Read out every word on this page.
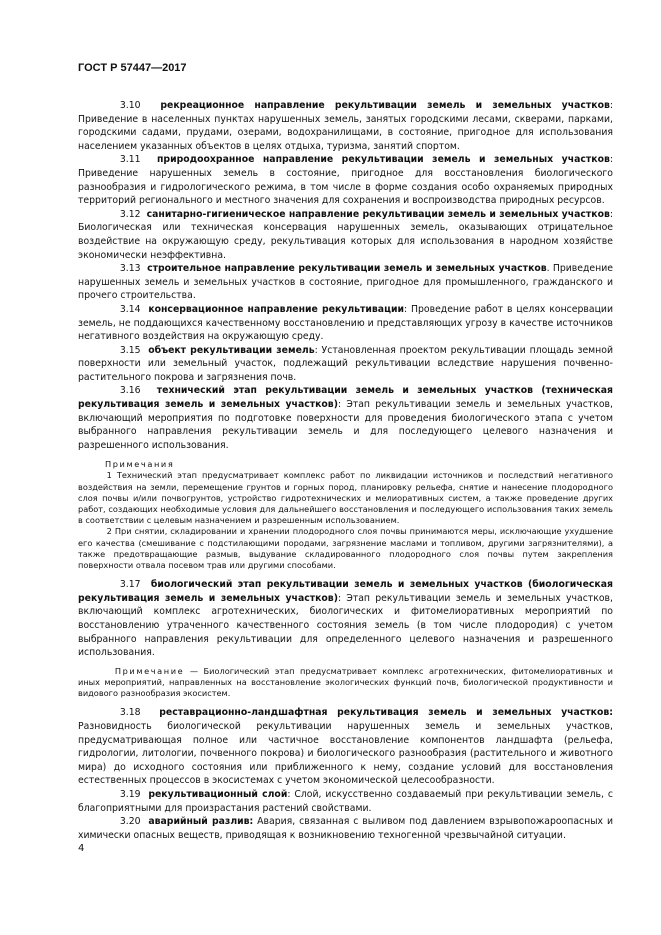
ГОСТ Р 57447—2017

     3.10 рекреационное направление рекультивации земель и земельных участков: Приведение в населенных пунктах нарушенных земель, занятых городскими лесами, скверами, парками, городскими садами, прудами, озерами, водохранилищами, в состояние, пригодное для использования населением указанных объектов в целях отдыха, туризма, занятий спортом.

     3.11 природоохранное направление рекультивации земель и земельных участков: Приведение нарушенных земель в состояние, пригодное для восстановления биологического разнообразия и гидрологического режима, в том числе в форме создания особо охраняемых природных территорий регионального и местного значения для сохранения и воспроизводства природных ресурсов.

     3.12 санитарно-гигиеническое направление рекультивации земель и земельных участков: Биологическая или техническая консервация нарушенных земель, оказывающих отрицательное воздействие на окружающую среду, рекультивация которых для использования в народном хозяйстве экономически неэффективна.

     3.13 строительное направление рекультивации земель и земельных участков. Приведение нарушенных земель и земельных участков в состояние, пригодное для промышленного, гражданского и прочего строительства.

     3.14 консервационное направление рекультивации: Проведение работ в целях консервации земель, не поддающихся качественному восстановлению и представляющих угрозу в качестве источников негативного воздействия на окружающую среду.

     3.15 объект рекультивации земель: Установленная проектом рекультивации площадь земной поверхности или земельный участок, подлежащий рекультивации вследствие нарушения почвенно-растительного покрова и загрязнения почв.

     3.16 технический этап рекультивации земель и земельных участков (техническая рекультивация земель и земельных участков): Этап рекультивации земель и земельных участков, включающий мероприятия по подготовке поверхности для проведения биологического этапа с учетом выбранного направления рекультивации земель и для последующего целевого назначения и разрешенного использования.

Примечания

    1 Технический этап предусматривает комплекс работ по ликвидации источников и последствий негативного воздействия на земли, перемещение грунтов и горных пород, планировку рельефа, снятие и нанесение плодородного слоя почвы и/или почвогрунтов, устройство гидротехнических и мелиоративных систем, а также проведение других работ, создающих необходимые условия для дальнейшего восстановления и последующего использования таких земель в соответствии с целевым назначением и разрешенным использованием.

    2 При снятии, складировании и хранении плодородного слоя почвы принимаются меры, исключающие ухудшение его качества (смешивание с подстилающими породами, загрязнение маслами и топливом, другими загрязнителями), а также предотвращающие размыв, выдувание складированного плодородного слоя почвы путем закрепления поверхности отвала посевом трав или другими способами.

     3.17 биологический этап рекультивации земель и земельных участков (биологическая рекультивация земель и земельных участков): Этап рекультивации земель и земельных участков, включающий комплекс агротехнических, биологических и фитомелиоративных мероприятий по восстановлению утраченного качественного состояния земель (в том числе плодородия) с учетом выбранного направления рекультивации для определенного целевого назначения и разрешенного использования.

     Примечание — Биологический этап предусматривает комплекс агротехнических, фитомелиоративных и иных мероприятий, направленных на восстановление экологических функций почв, биологической продуктивности и видового разнообразия экосистем.

     3.18 реставрационно-ландшафтная рекультивация земель и земельных участков: Разновидность биологической рекультивации нарушенных земель и земельных участков, предусматривающая полное или частичное восстановление компонентов ландшафта (рельефа, гидрологии, литологии, почвенного покрова) и биологического разнообразия (растительного и животного мира) до исходного состояния или приближенного к нему, создание условий для восстановления естественных процессов в экосистемах с учетом экономической целесообразности.

     3.19 рекультивационный слой: Слой, искусственно создаваемый при рекультивации земель, с благоприятными для произрастания растений свойствами.

     3.20 аварийный разлив: Авария, связанная с выливом под давлением взрывопожароопасных и химически опасных веществ, приводящая к возникновению техногенной чрезвычайной ситуации.

4
